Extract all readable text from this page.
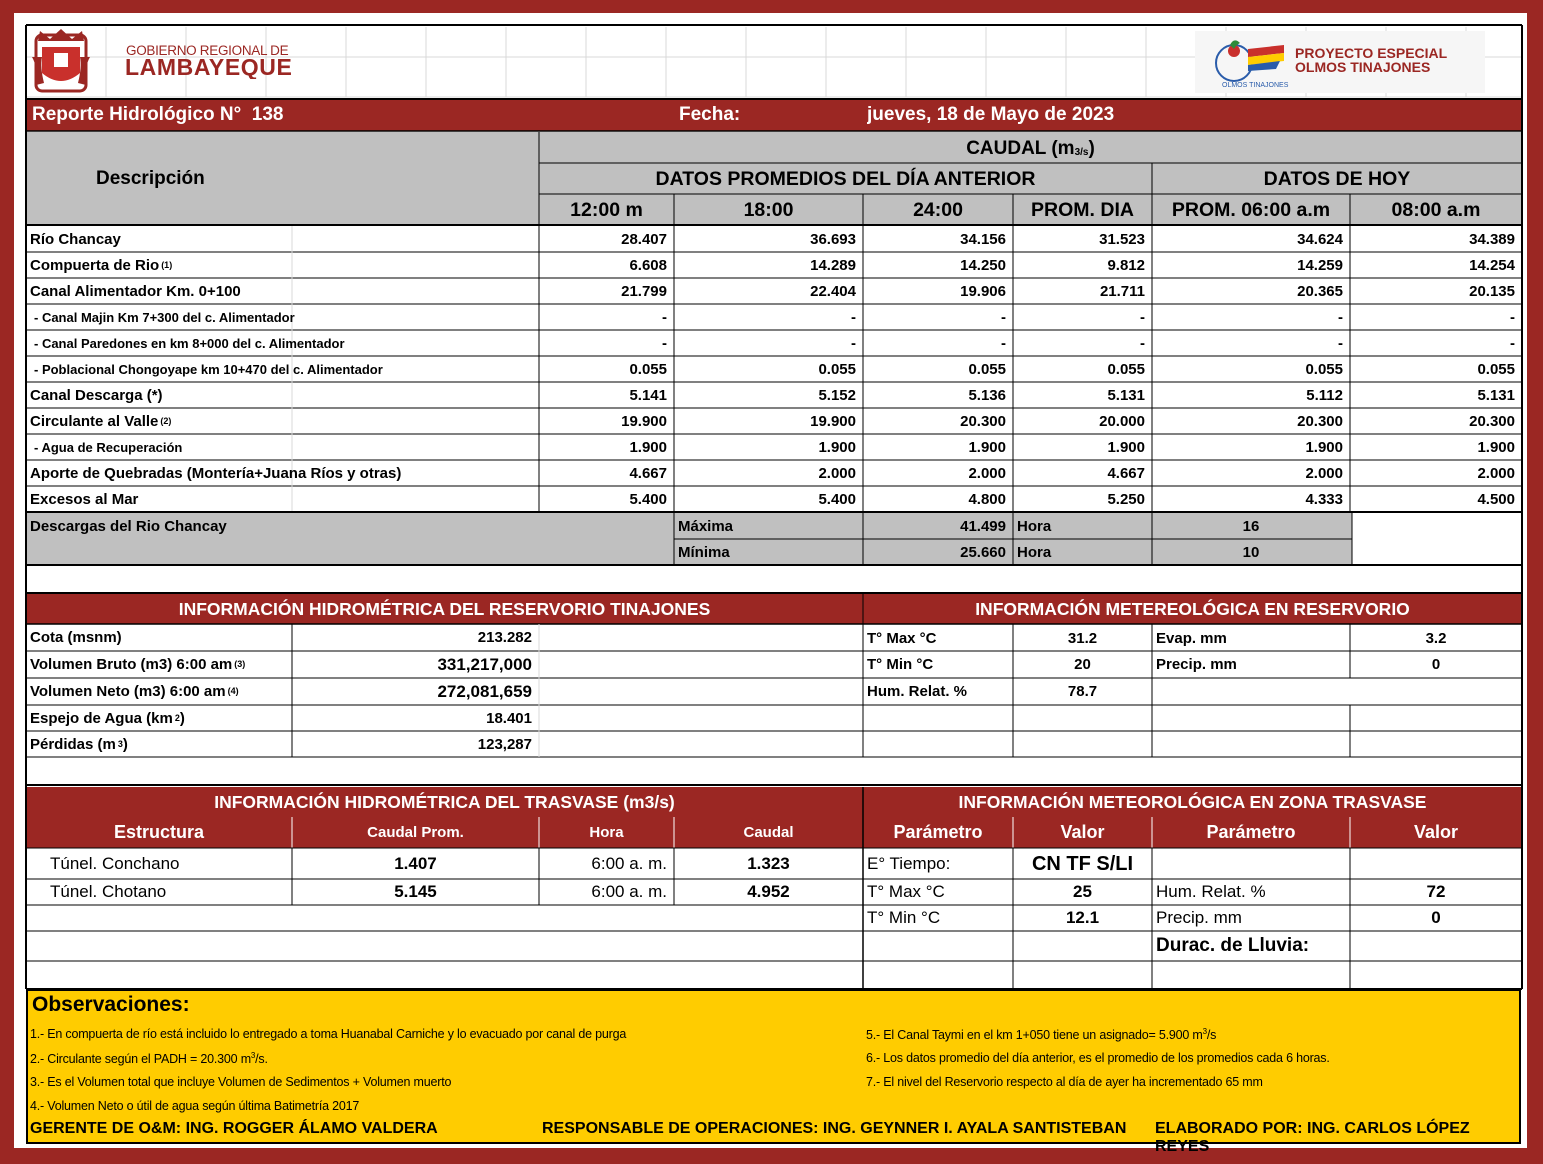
GOBIERNO REGIONAL DE
LAMBAYEQUE
OLMOS TINAJONES
PROYECTO ESPECIAL
OLMOS TINAJONES
Reporte Hidrológico N°
138	Fecha:	jueves, 18 de Mayo de 2023
CAUDAL (m 3/s )
Descripción	DATOS PROMEDIOS DEL DÍA ANTERIOR	DATOS DE HOY
12:00 m	18:00	24:00	PROM. DIA	PROM. 06:00 a.m	08:00 a.m
Río Chancay	28.407	36.693	34.156	31.523	34.624	34.389
Compuerta de Rio (1)	6.608	14.289	14.250	9.812	14.259	14.254
Canal Alimentador Km. 0+100	21.799	22.404	19.906	21.711	20.365	20.135
- Canal Majin Km 7+300 del c. Alimentador	-	-	-	-	-	-
- Canal Paredones en km 8+000 del c. Alimentador	-	-	-	-	-	-
- Poblacional Chongoyape km 10+470 del c. Alimentador	0.055	0.055	0.055	0.055	0.055	0.055
Canal Descarga (*)	5.141	5.152	5.136	5.131	5.112	5.131
Circulante al Valle (2)	19.900	19.900	20.300	20.000	20.300	20.300
- Agua de Recuperación	1.900	1.900	1.900	1.900	1.900	1.900
Aporte de Quebradas (Montería+Juana Ríos y otras)	4.667	2.000	2.000	4.667	2.000	2.000
Excesos al Mar	5.400	5.400	4.800	5.250	4.333	4.500
Descargas del Rio Chancay	Máxima	41.499 Hora	16
Mínima	25.660 Hora	10
INFORMACIÓN HIDROMÉTRICA DEL RESERVORIO TINAJONES	INFORMACIÓN METEREOLÓGICA EN RESERVORIO
Cota (msnm)	213.282
Volumen Bruto (m3) 6:00 am (3)	331,217,000
Volumen Neto (m3) 6:00 am (4)	272,081,659
Espejo de Agua (km 2 )	18.401
Pérdidas (m 3 )	123,287
T° Max °C	31.2	Evap. mm	3.2
T° Min °C	20	Precip. mm	0
Hum. Relat. %	78.7
INFORMACIÓN HIDROMÉTRICA DEL TRASVASE (m3/s)	INFORMACIÓN METEOROLÓGICA EN ZONA TRASVASE
Estructura	Caudal Prom.	Hora	Caudal	Parámetro	Valor	Parámetro	Valor
Túnel. Conchano	1.407	6:00 a. m.	1.323
Túnel. Chotano	5.145	6:00 a. m.	4.952
E° Tiempo:	CN TF S/LI
T° Max °C	25	Hum. Relat. %	72
T° Min °C	12.1	Precip. mm	0
Durac. de Lluvia:
Observaciones:
1.- En compuerta de río está incluido lo entregado a toma Huanabal Carniche y lo evacuado por canal de purga
2.- Circulante según el PADH = 20.300 $m^3/s$.
3.- Es el Volumen total que incluye Volumen de Sedimentos + Volumen muerto
4.- Volumen Neto o útil de agua según última Batimetría 2017
5.- El Canal Taymi en el km 1+050 tiene un asignado= 5.900 $m^3/s$
6.- Los datos promedio del día anterior, es el promedio de los promedios cada 6 horas.
7.- El nivel del Reservorio respecto al día de ayer ha incrementado 65 mm
GERENTE DE O&M: ING. ROGGER ÁLAMO VALDERA	RESPONSABLE DE OPERACIONES: ING. GEYNNER I. AYALA SANTISTEBAN ELABORADO POR: ING. CARLOS LÓPEZ REYES
